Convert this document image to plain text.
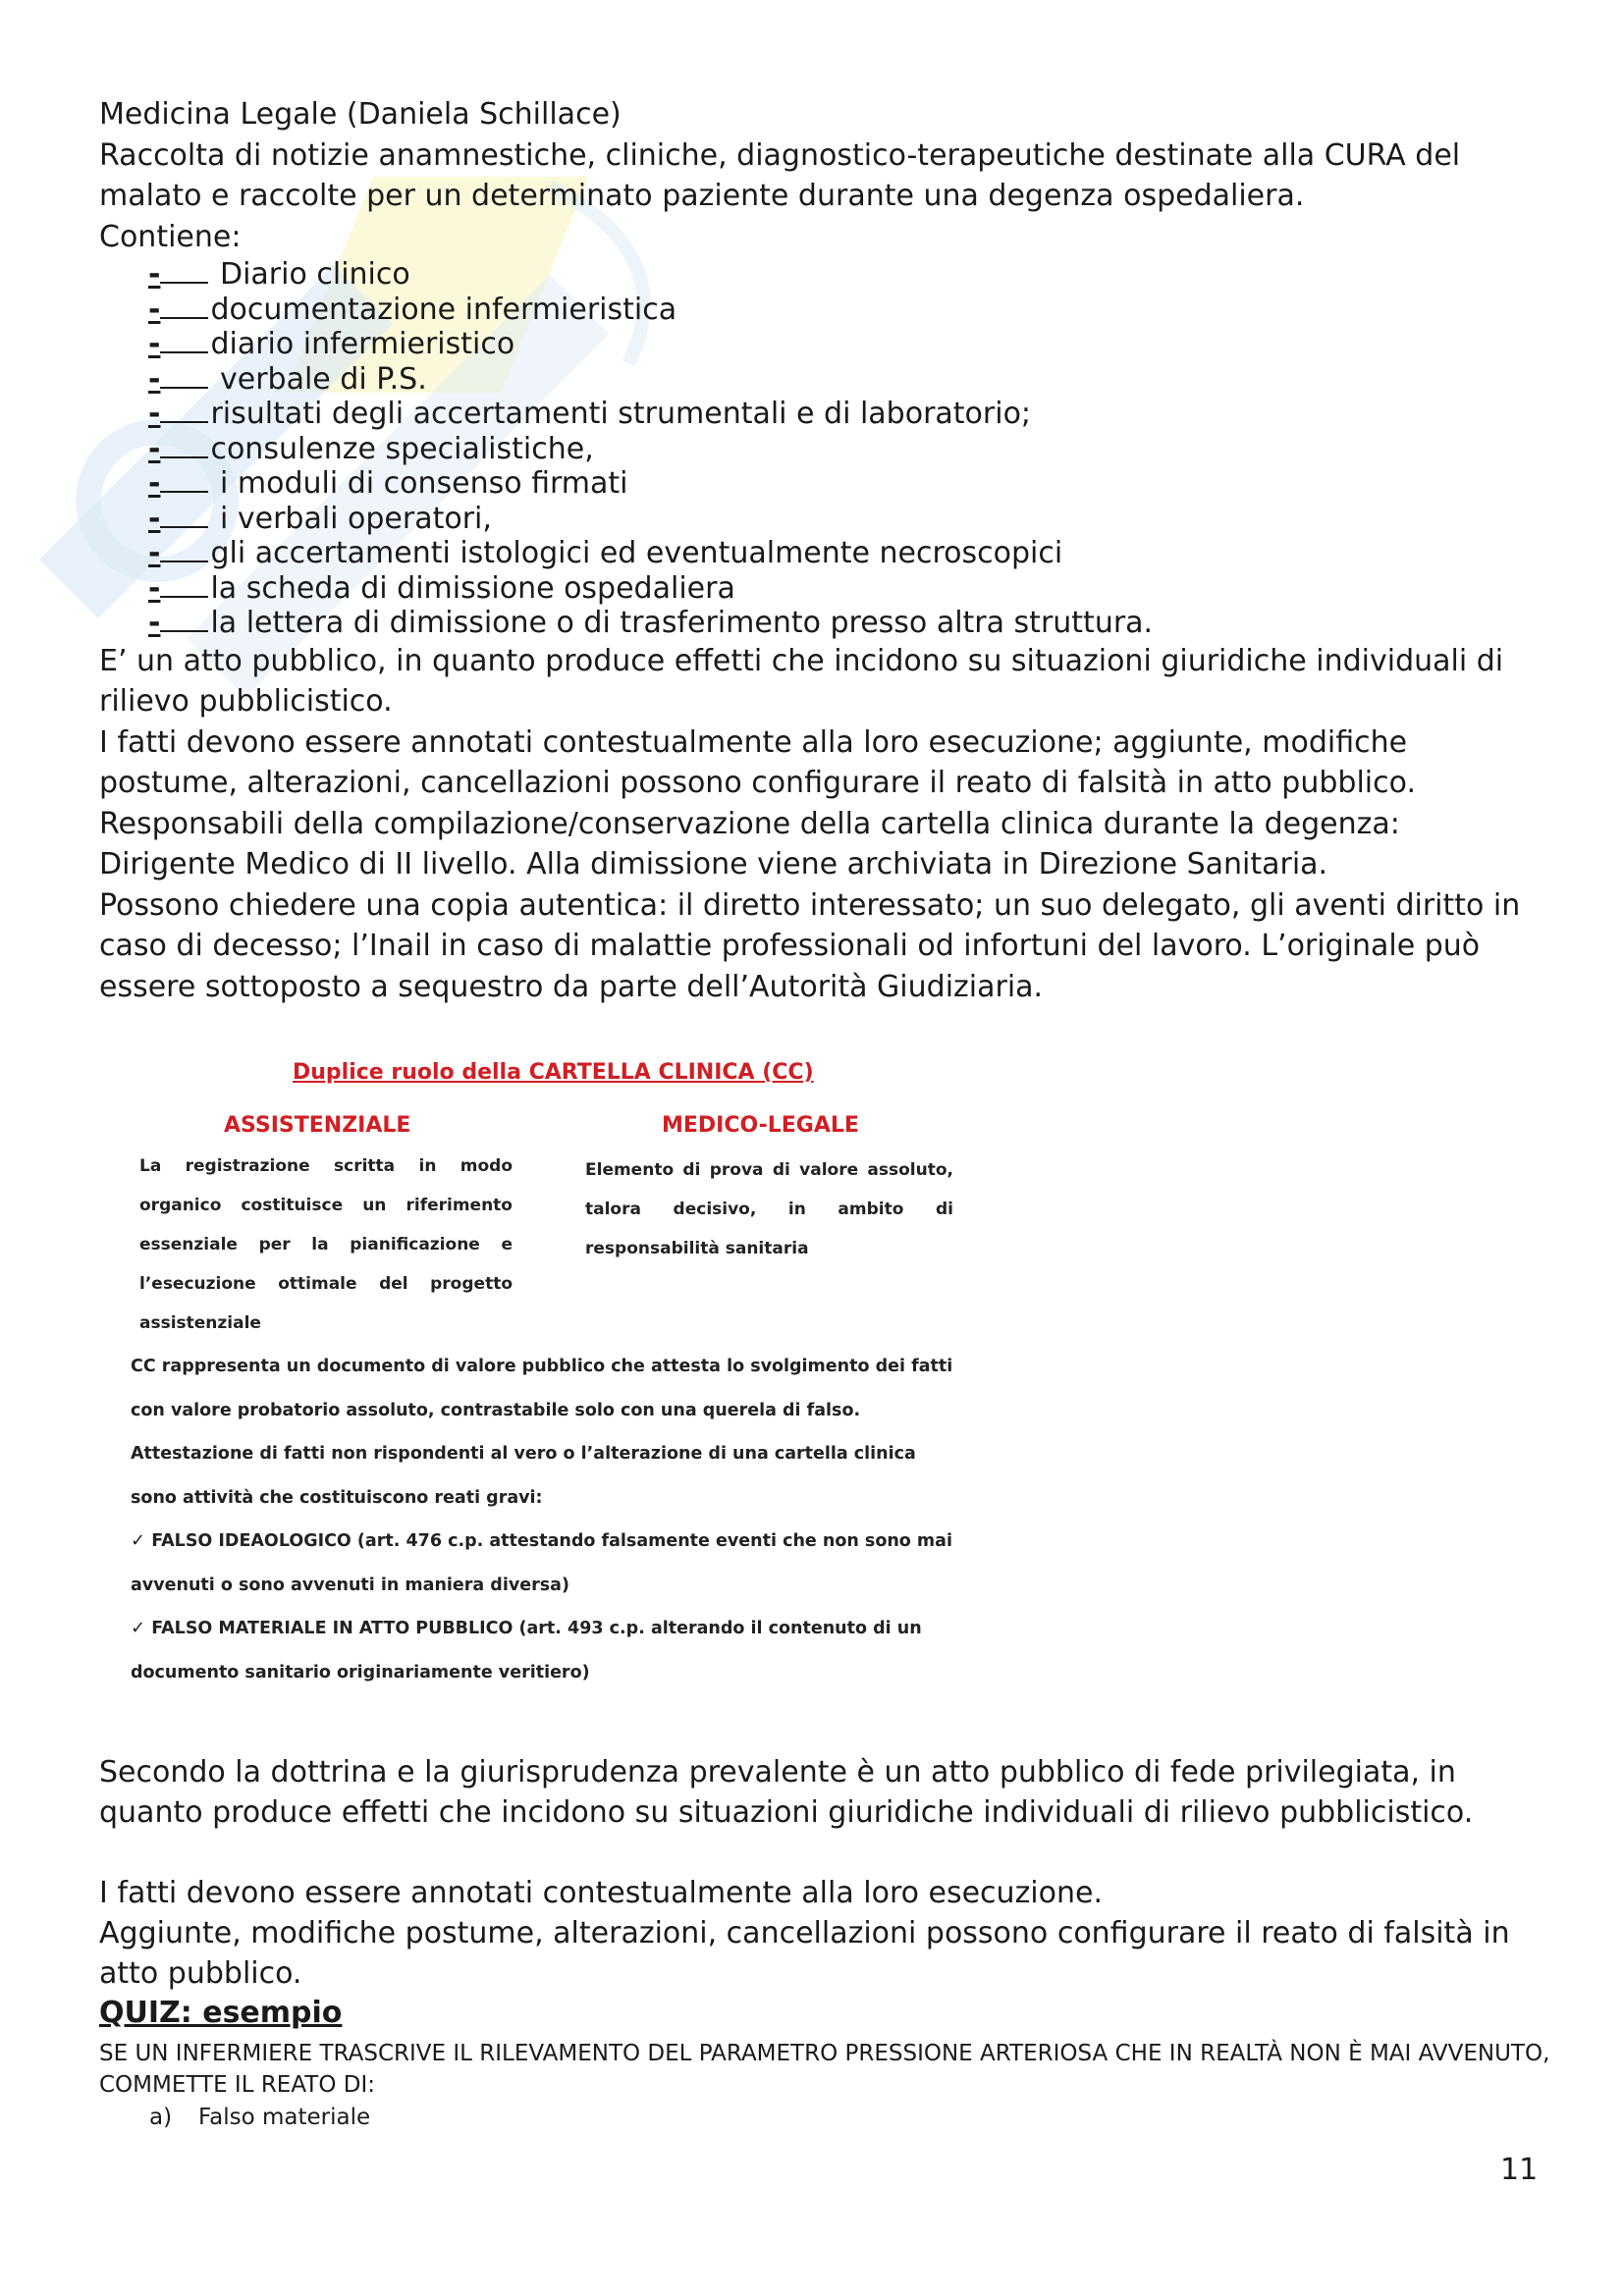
Medicina Legale (Daniela Schillace)

Raccolta di notizie anamnestiche, cliniche, diagnostico-terapeutiche destinate alla CURA del malato e raccolte per un determinato paziente durante una degenza ospedaliera.

Contiene:

- Diario clinico
- documentazione infermieristica
- diario infermieristico
- verbale di P.S.
- risultati degli accertamenti strumentali e di laboratorio;
- consulenze specialistiche,
- i moduli di consenso firmati
- i verbali operatori,
- gli accertamenti istologici ed eventualmente necroscopici
- la scheda di dimissione ospedaliera
- la lettera di dimissione o di trasferimento presso altra struttura.

E’ un atto pubblico, in quanto produce effetti che incidono su situazioni giuridiche individuali di rilievo pubblicistico.

I fatti devono essere annotati contestualmente alla loro esecuzione; aggiunte, modifiche postume, alterazioni, cancellazioni possono configurare il reato di falsità in atto pubblico.

Responsabili della compilazione/conservazione della cartella clinica durante la degenza: Dirigente Medico di II livello. Alla dimissione viene archiviata in Direzione Sanitaria.

Possono chiedere una copia autentica: il diretto interessato; un suo delegato, gli aventi diritto in caso di decesso; l’Inail in caso di malattie professionali od infortuni del lavoro. L’originale può essere sottoposto a sequestro da parte dell’Autorità Giudiziaria.

Duplice ruolo della CARTELLA CLINICA (CC)
ASSISTENZIALE	MEDICO-LEGALE
La registrazione scritta in modo organico costituisce un riferimento essenziale per la pianificazione e l’esecuzione ottimale del progetto assistenziale
Elemento di prova di valore assoluto, talora decisivo, in ambito di responsabilità sanitaria
CC rappresenta un documento di valore pubblico che attesta lo svolgimento dei fatti con valore probatorio assoluto, contrastabile solo con una querela di falso.
Attestazione di fatti non rispondenti al vero o l’alterazione di una cartella clinica sono attività che costituiscono reati gravi:
✓ FALSO IDEAOLOGICO (art. 476 c.p. attestando falsamente eventi che non sono mai avvenuti o sono avvenuti in maniera diversa)
✓ FALSO MATERIALE IN ATTO PUBBLICO (art. 493 c.p. alterando il contenuto di un documento sanitario originariamente veritiero)

Secondo la dottrina e la giurisprudenza prevalente è un atto pubblico di fede privilegiata, in quanto produce effetti che incidono su situazioni giuridiche individuali di rilievo pubblicistico.

I fatti devono essere annotati contestualmente alla loro esecuzione.

Aggiunte, modifiche postume, alterazioni, cancellazioni possono configurare il reato di falsità in atto pubblico.

QUIZ: esempio
SE UN INFERMIERE TRASCRIVE IL RILEVAMENTO DEL PARAMETRO PRESSIONE ARTERIOSA CHE IN REALTÀ NON È MAI AVVENUTO, COMMETTE IL REATO DI:
a) Falso materiale
11
